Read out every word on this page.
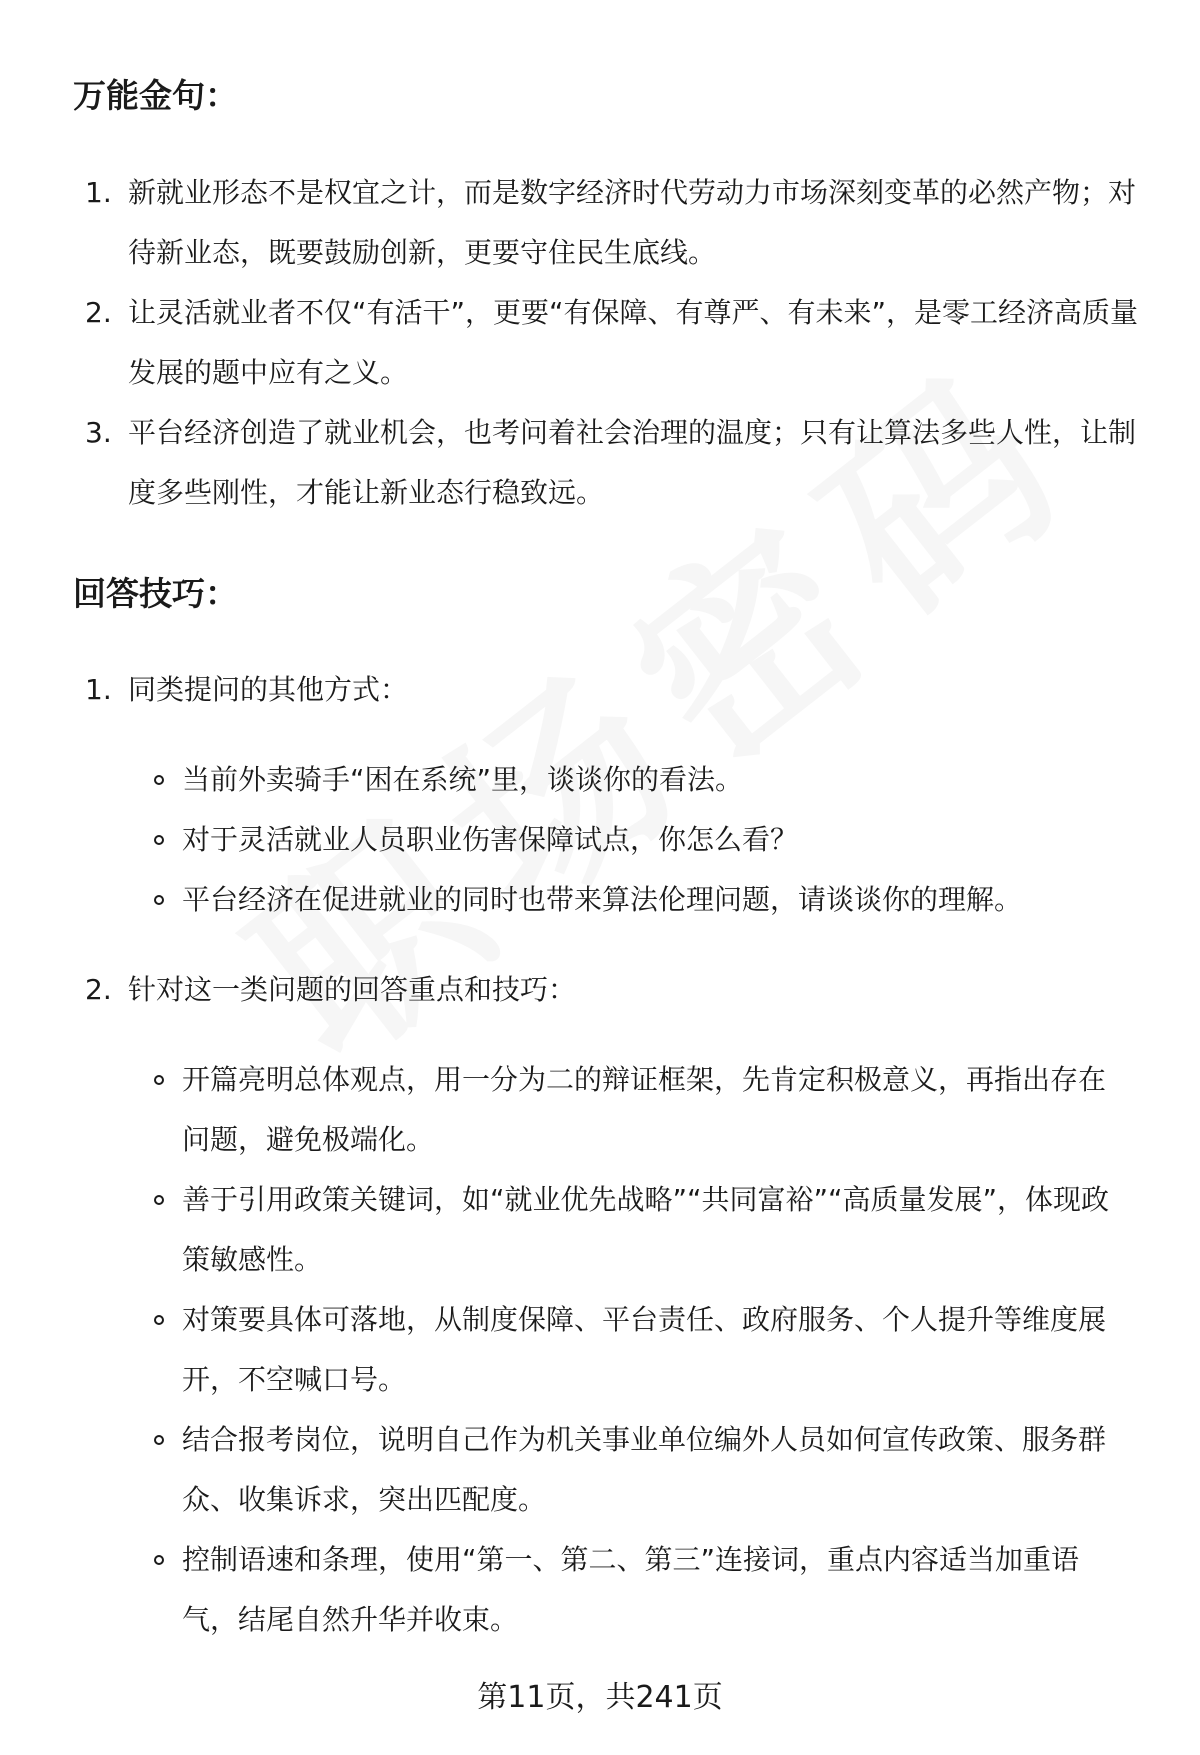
万能金句：
1. 新就业形态不是权宜之计，而是数字经济时代劳动力市场深刻变革的必然产物；对待新业态，既要鼓励创新，更要守住民生底线。
2. 让灵活就业者不仅“有活干”，更要“有保障、有尊严、有未来”，是零工经济高质量发展的题中应有之义。
3. 平台经济创造了就业机会，也考问着社会治理的温度；只有让算法多些人性，让制度多些刚性，才能让新业态行稳致远。
回答技巧：
1. 同类提问的其他方式：
当前外卖骑手“困在系统”里，谈谈你的看法。
对于灵活就业人员职业伤害保障试点，你怎么看？
平台经济在促进就业的同时也带来算法伦理问题，请谈谈你的理解。
2. 针对这一类问题的回答重点和技巧：
开篇亮明总体观点，用一分为二的辩证框架，先肯定积极意义，再指出存在问题，避免极端化。
善于引用政策关键词，如“就业优先战略”“共同富裕”“高质量发展”，体现政策敏感性。
对策要具体可落地，从制度保障、平台责任、政府服务、个人提升等维度展开，不空喊口号。
结合报考岗位，说明自己作为机关事业单位编外人员如何宣传政策、服务群众、收集诉求，突出匹配度。
控制语速和条理，使用“第一、第二、第三”连接词，重点内容适当加重语气，结尾自然升华并收束。
第11页，共241页
